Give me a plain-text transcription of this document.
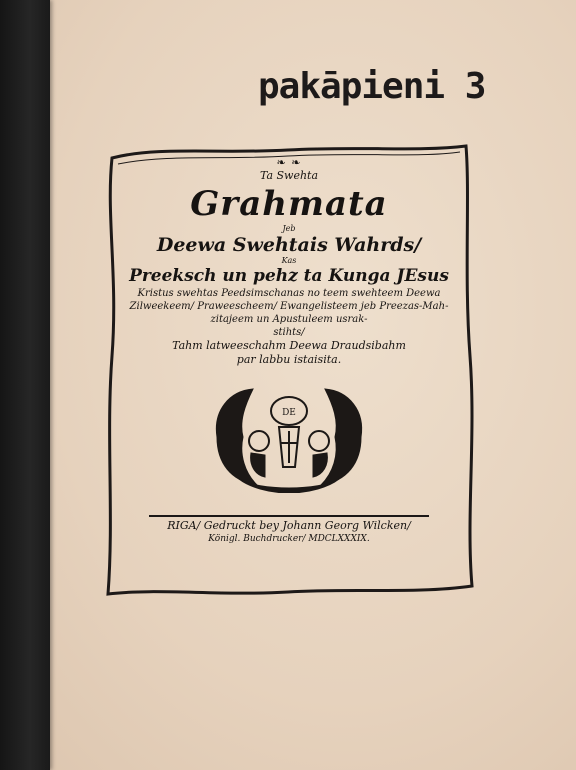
pakāpieni 3
❧ ❧
Ta Swehta
Grahmata
Jeb
Deewa Swehtais Wahrds/
Kas
Preeksch un pehz ta Kunga JEsus
Kristus swehtas Peedsimschanas no teem swehteem Deewa
Zilweekeem/ Praweescheem/ Ewangelisteem jeb Preezas-Mah-
zitajeem un Apustuleem usrak-
stihts/
Tahm latweeschahm Deewa Draudsibahm
par labbu istaisita.
DE
RIGA/ Gedruckt bey Johann Georg Wilcken/
Königl. Buchdrucker/ MDCLXXXIX.
